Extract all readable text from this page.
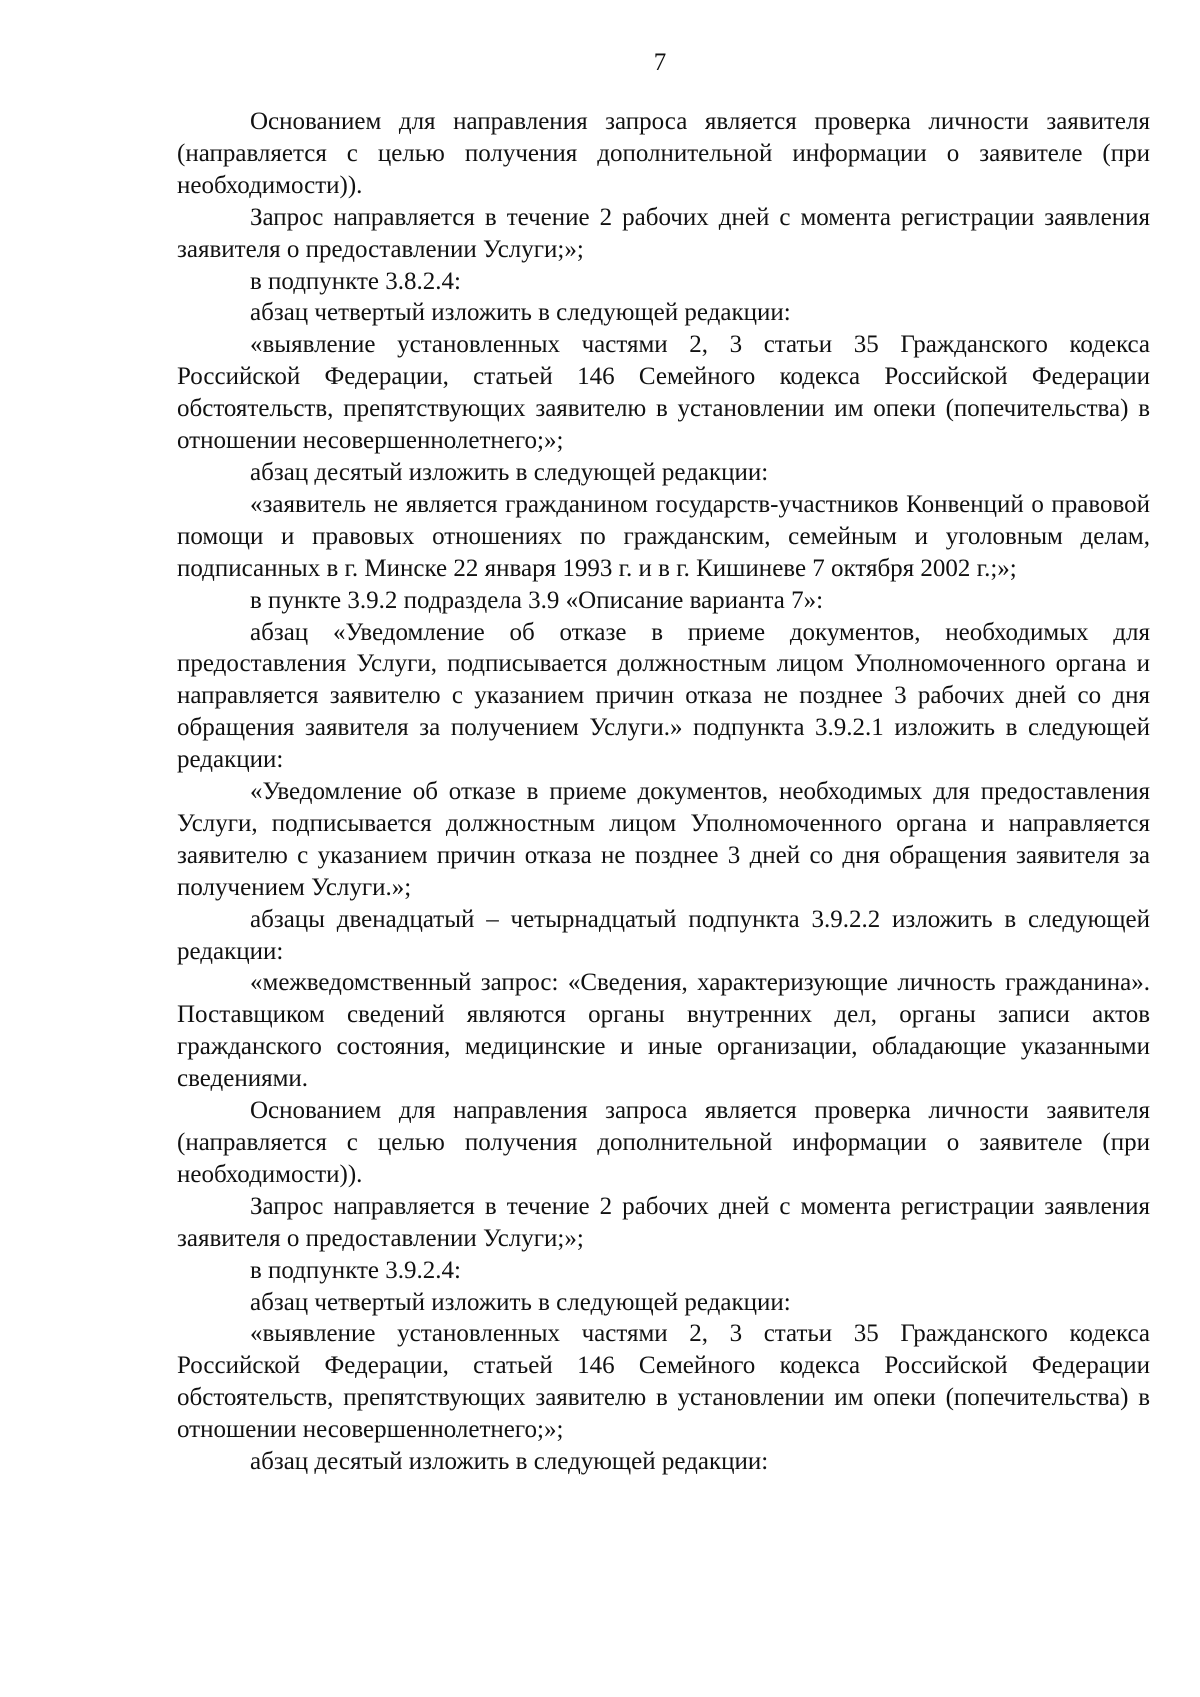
7

Основанием для направления запроса является проверка личности заявителя (направляется с целью получения дополнительной информации о заявителе (при необходимости)).

Запрос направляется в течение 2 рабочих дней с момента регистрации заявления заявителя о предоставлении Услуги;»;

в подпункте 3.8.2.4:

абзац четвертый изложить в следующей редакции:

«выявление установленных частями 2, 3 статьи 35 Гражданского кодекса Российской Федерации, статьей 146 Семейного кодекса Российской Федерации обстоятельств, препятствующих заявителю в установлении им опеки (попечительства) в отношении несовершеннолетнего;»;

абзац десятый изложить в следующей редакции:

«заявитель не является гражданином государств-участников Конвенций о правовой помощи и правовых отношениях по гражданским, семейным и уголовным делам, подписанных в г. Минске 22 января 1993 г. и в г. Кишиневе 7 октября 2002 г.;»;

в пункте 3.9.2 подраздела 3.9 «Описание варианта 7»:

абзац «Уведомление об отказе в приеме документов, необходимых для предоставления Услуги, подписывается должностным лицом Уполномоченного органа и направляется заявителю с указанием причин отказа не позднее 3 рабочих дней со дня обращения заявителя за получением Услуги.» подпункта 3.9.2.1 изложить в следующей редакции:

«Уведомление об отказе в приеме документов, необходимых для предоставления Услуги, подписывается должностным лицом Уполномоченного органа и направляется заявителю с указанием причин отказа не позднее 3 дней со дня обращения заявителя за получением Услуги.»;

абзацы двенадцатый – четырнадцатый подпункта 3.9.2.2 изложить в следующей редакции:

«межведомственный запрос: «Сведения, характеризующие личность гражданина». Поставщиком сведений являются органы внутренних дел, органы записи актов гражданского состояния, медицинские и иные организации, обладающие указанными сведениями.

Основанием для направления запроса является проверка личности заявителя (направляется с целью получения дополнительной информации о заявителе (при необходимости)).

Запрос направляется в течение 2 рабочих дней с момента регистрации заявления заявителя о предоставлении Услуги;»;

в подпункте 3.9.2.4:

абзац четвертый изложить в следующей редакции:

«выявление установленных частями 2, 3 статьи 35 Гражданского кодекса Российской Федерации, статьей 146 Семейного кодекса Российской Федерации обстоятельств, препятствующих заявителю в установлении им опеки (попечительства) в отношении несовершеннолетнего;»;

абзац десятый изложить в следующей редакции:
